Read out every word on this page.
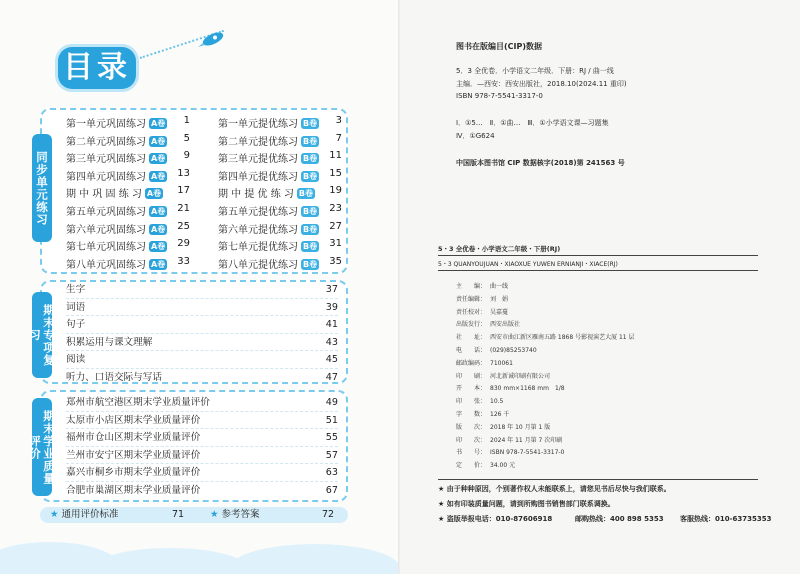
目录
同步单元练习
第一单元巩固练习 A卷	1
第二单元巩固练习 A卷	5
第三单元巩固练习 A卷	9
第四单元巩固练习 A卷	13
期 中 巩 固 练 习 A卷	17
第五单元巩固练习 A卷	21
第六单元巩固练习 A卷	25
第七单元巩固练习 A卷	29
第八单元巩固练习 A卷	33
第一单元提优练习 B卷	3
第二单元提优练习 B卷	7
第三单元提优练习 B卷	11
第四单元提优练习 B卷	15
期 中 提 优 练 习 B卷	19
第五单元提优练习 B卷	23
第六单元提优练习 B卷	27
第七单元提优练习 B卷	31
第八单元提优练习 B卷	35
期末专项复习
生字	37
词语	39
句子	41
积累运用与课文理解	43
阅读	45
听力、口语交际与写话	47
期末学业质量评价
郑州市航空港区期末学业质量评价	49
太原市小店区期末学业质量评价	51
福州市仓山区期末学业质量评价	55
兰州市安宁区期末学业质量评价	57
嘉兴市桐乡市期末学业质量评价	63
合肥市巢湖区期末学业质量评价	67
★ 通用评价标准	71	★ 参考答案	72
图书在版编目(CIP)数据
5．3 全优卷．小学语文二年级．下册：RJ / 曲一线
主编．—西安：西安出版社，2018.10(2024.11 重印)
ISBN 978-7-5541-3317-0
Ⅰ．①5…　Ⅱ．①曲…　Ⅲ．①小学语文课—习题集
Ⅳ．①G624
中国版本图书馆 CIP 数据核字(2018)第 241563 号
5・3 全优卷・小学语文二年级・下册(RJ)
5・3 QUANYOUJUAN・XIAOXUE YUWEN ERNIANJI・XIACE(RJ)
主　　编： 曲一线
责任编辑： 刘　娟
责任校对： 吴嘉蔓
出版发行： 西安出版社
社　　址： 西安市曲江新区雁南五路 1868 号影视演艺大厦 11 层
电　　话： (029)85253740
邮政编码： 710061
印　　刷： 河北新诚印刷有限公司
开　　本： 830 mm×1168 mm　1/8
印　　张： 10.5
字　　数： 126 千
版　　次： 2018 年 10 月第 1 版
印　　次： 2024 年 11 月第 7 次印刷
书　　号： ISBN 978-7-5541-3317-0
定　　价： 34.00 元
★ 由于种种原因，个别著作权人未能联系上，请您见书后尽快与我们联系。
★ 如有印装质量问题，请到所购图书销售部门联系调换。
★ 盗版举报电话：010-87606918	邮购热线：400 898 5353 客服热线：010-63735353
